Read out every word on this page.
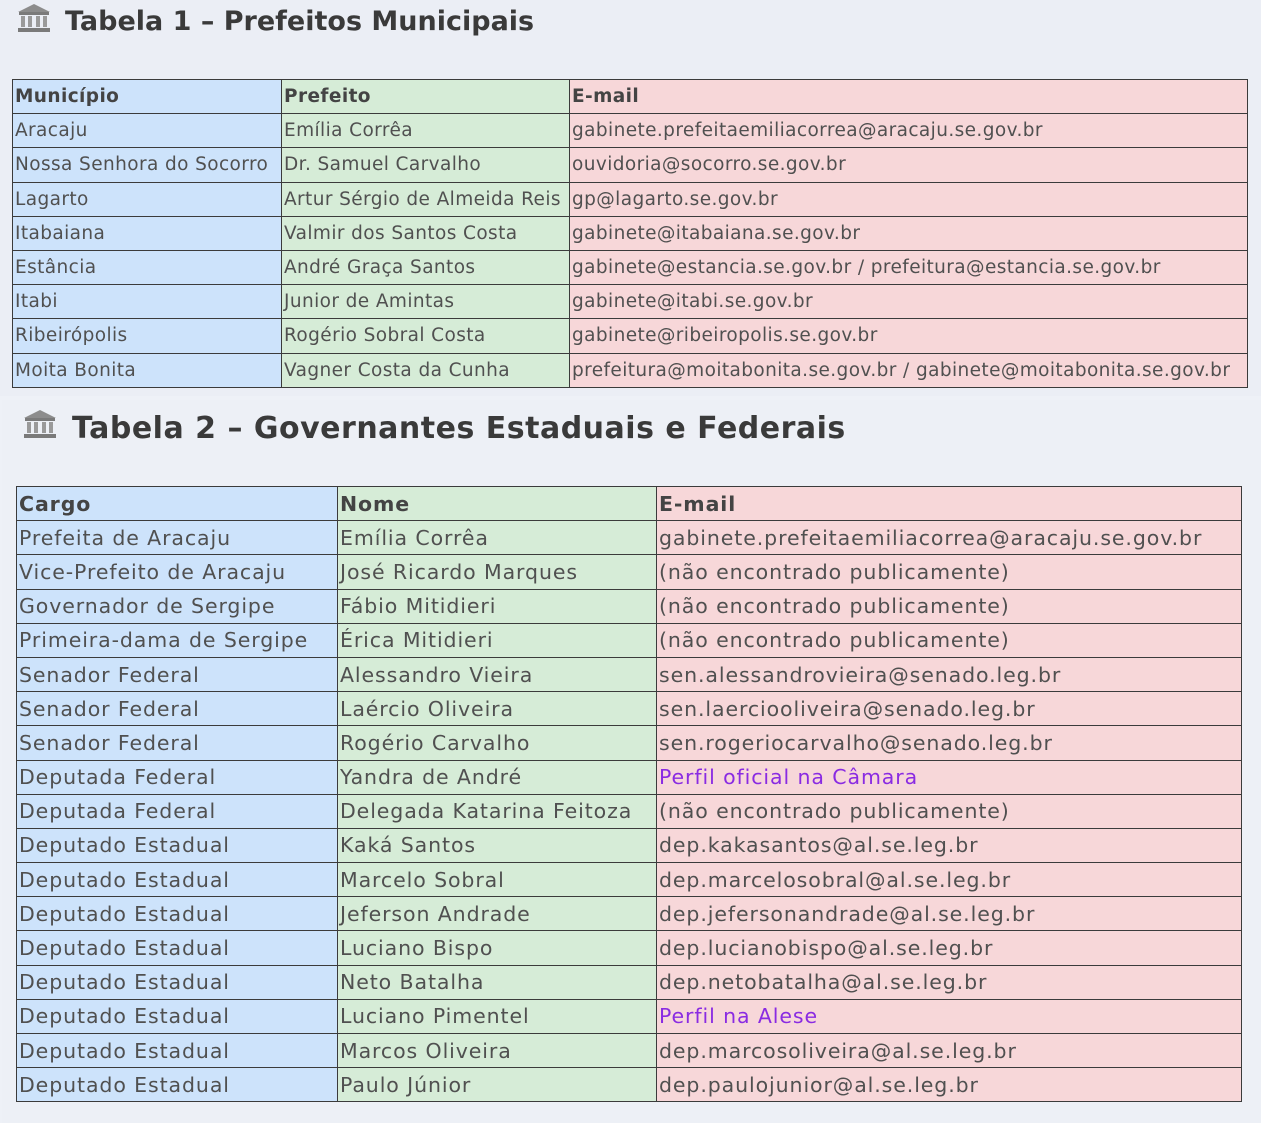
Tabela 1 – Prefeitos Municipais
Município	Prefeito	E-mail
Aracaju	Emília Corrêa	gabinete.prefeitaemiliacorrea@aracaju.se.gov.br
Nossa Senhora do Socorro	Dr. Samuel Carvalho	ouvidoria@socorro.se.gov.br
Lagarto	Artur Sérgio de Almeida Reis	gp@lagarto.se.gov.br
Itabaiana	Valmir dos Santos Costa	gabinete@itabaiana.se.gov.br
Estância	André Graça Santos	gabinete@estancia.se.gov.br / prefeitura@estancia.se.gov.br
Itabi	Junior de Amintas	gabinete@itabi.se.gov.br
Ribeirópolis	Rogério Sobral Costa	gabinete@ribeiropolis.se.gov.br
Moita Bonita	Vagner Costa da Cunha	prefeitura@moitabonita.se.gov.br / gabinete@moitabonita.se.gov.br
Tabela 2 – Governantes Estaduais e Federais
Cargo	Nome	E-mail
Prefeita de Aracaju	Emília Corrêa	gabinete.prefeitaemiliacorrea@aracaju.se.gov.br
Vice-Prefeito de Aracaju	José Ricardo Marques	(não encontrado publicamente)
Governador de Sergipe	Fábio Mitidieri	(não encontrado publicamente)
Primeira-dama de Sergipe	Érica Mitidieri	(não encontrado publicamente)
Senador Federal	Alessandro Vieira	sen.alessandrovieira@senado.leg.br
Senador Federal	Laércio Oliveira	sen.laerciooliveira@senado.leg.br
Senador Federal	Rogério Carvalho	sen.rogeriocarvalho@senado.leg.br
Deputada Federal	Yandra de André	Perfil oficial na Câmara
Deputada Federal	Delegada Katarina Feitoza	(não encontrado publicamente)
Deputado Estadual	Kaká Santos	dep.kakasantos@al.se.leg.br
Deputado Estadual	Marcelo Sobral	dep.marcelosobral@al.se.leg.br
Deputado Estadual	Jeferson Andrade	dep.jefersonandrade@al.se.leg.br
Deputado Estadual	Luciano Bispo	dep.lucianobispo@al.se.leg.br
Deputado Estadual	Neto Batalha	dep.netobatalha@al.se.leg.br
Deputado Estadual	Luciano Pimentel	Perfil na Alese
Deputado Estadual	Marcos Oliveira	dep.marcosoliveira@al.se.leg.br
Deputado Estadual	Paulo Júnior	dep.paulojunior@al.se.leg.br
